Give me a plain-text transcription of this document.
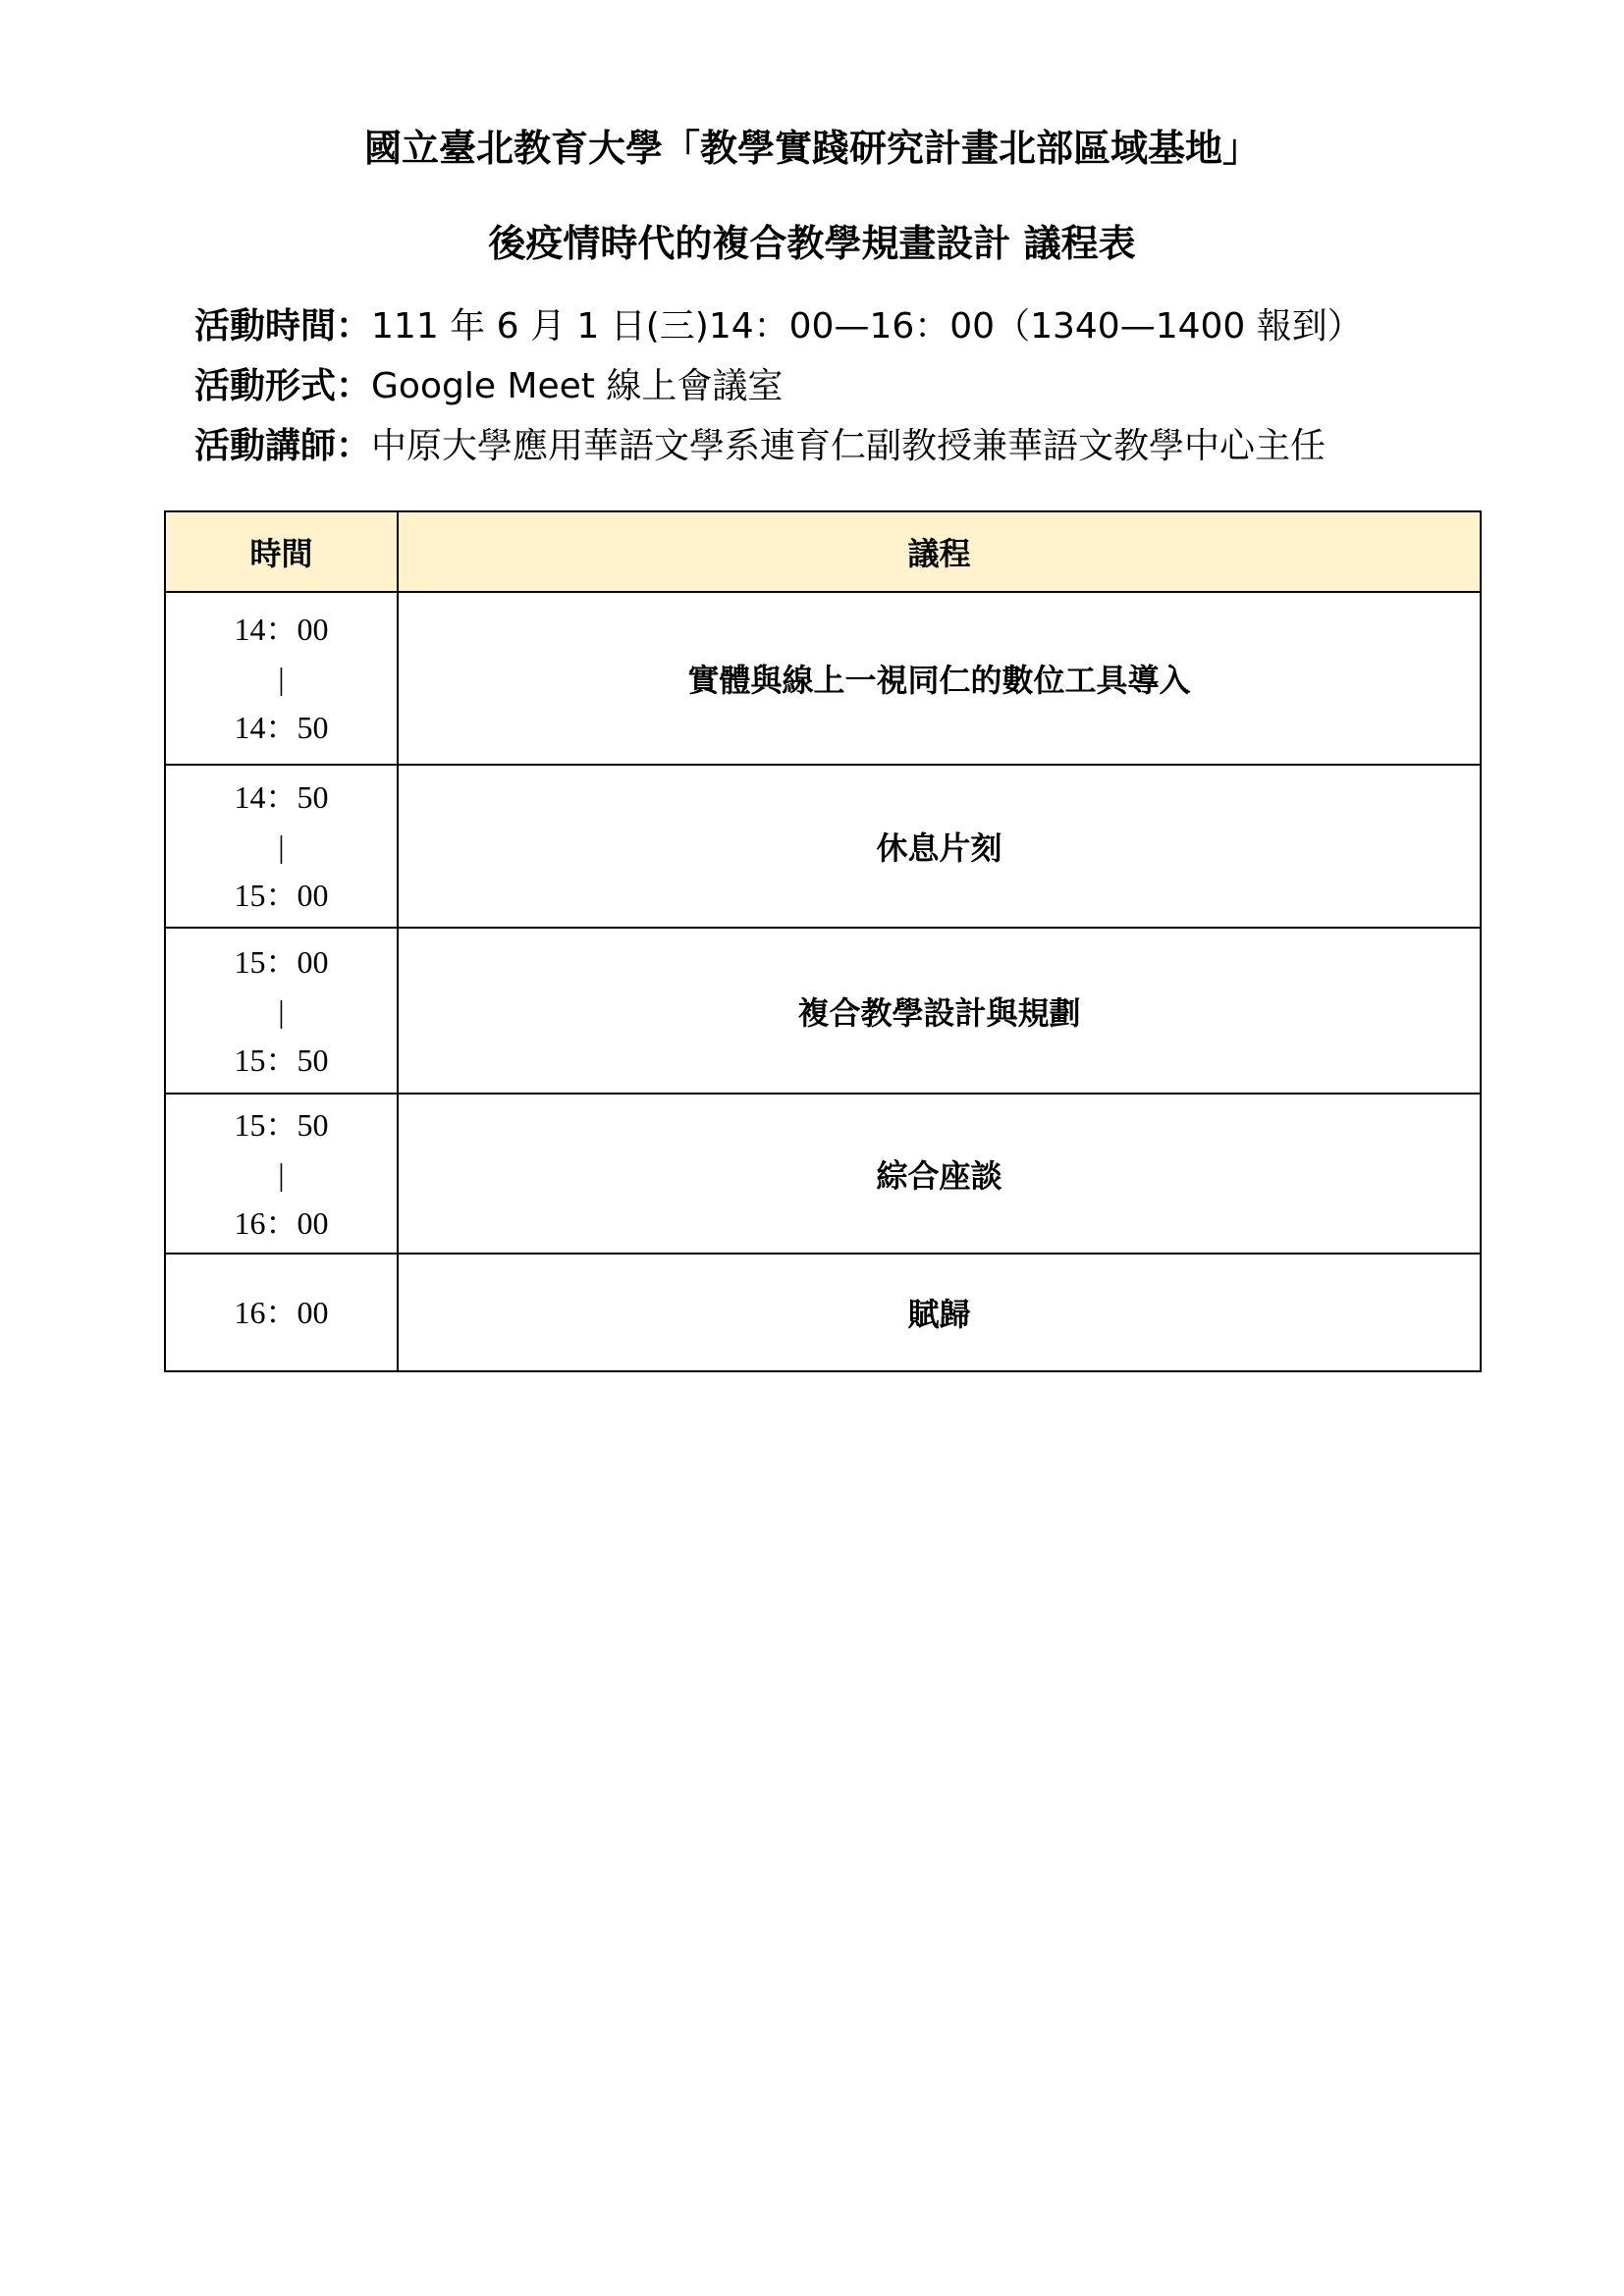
國立臺北教育大學「教學實踐研究計畫北部區域基地」
後疫情時代的複合教學規畫設計 議程表
活動時間：111 年 6 月 1 日(三)14：00—16：00（1340—1400 報到）
活動形式：Google Meet 線上會議室
活動講師：中原大學應用華語文學系連育仁副教授兼華語文教學中心主任
時間	議程

14：00
|
14：50	實體與線上一視同仁的數位工具導入

14：50
|
15：00	休息片刻

15：00
|
15：50	複合教學設計與規劃

15：50
|
16：00	綜合座談

16：00	賦歸
